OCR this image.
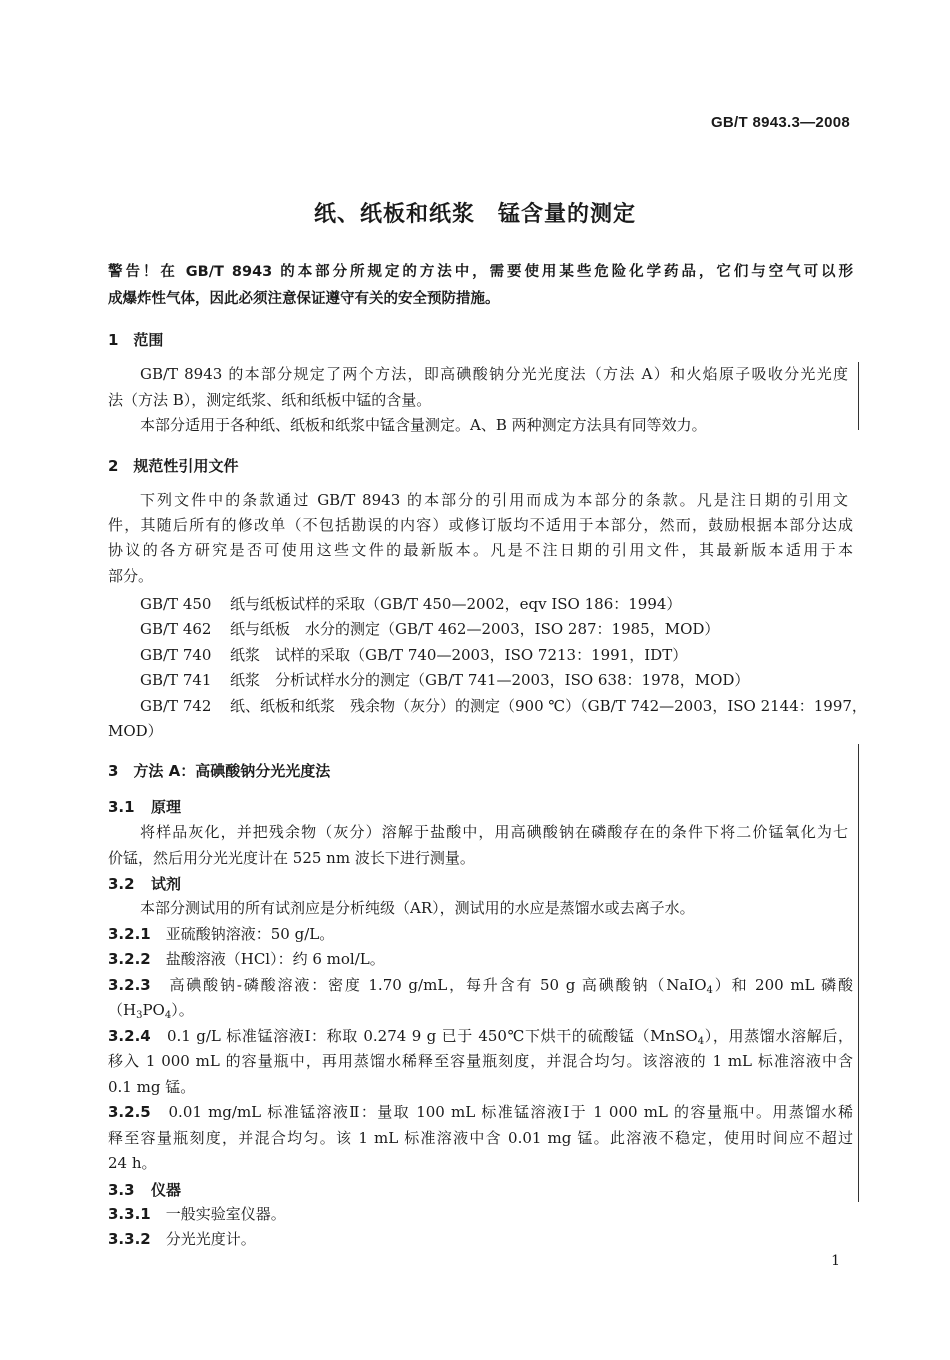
GB/T 8943.3—2008
纸、纸板和纸浆　锰含量的测定
警告！在 GB/T 8943 的本部分所规定的方法中，需要使用某些危险化学药品，它们与空气可以形
成爆炸性气体，因此必须注意保证遵守有关的安全预防措施。
1　范围
GB/T 8943 的本部分规定了两个方法，即高碘酸钠分光光度法（方法 A）和火焰原子吸收分光光度
法（方法 B），测定纸浆、纸和纸板中锰的含量。
本部分适用于各种纸、纸板和纸浆中锰含量测定。A、B 两种测定方法具有同等效力。
2　规范性引用文件
下列文件中的条款通过 GB/T 8943 的本部分的引用而成为本部分的条款。凡是注日期的引用文
件，其随后所有的修改单（不包括勘误的内容）或修订版均不适用于本部分，然而，鼓励根据本部分达成
协议的各方研究是否可使用这些文件的最新版本。凡是不注日期的引用文件，其最新版本适用于本
部分。
GB/T 450 纸与纸板试样的采取（GB/T 450—2002，eqv ISO 186：1994）
GB/T 462 纸与纸板　水分的测定（GB/T 462—2003，ISO 287：1985，MOD）
GB/T 740 纸浆　试样的采取（GB/T 740—2003，ISO 7213：1991，IDT）
GB/T 741 纸浆　分析试样水分的测定（GB/T 741—2003，ISO 638：1978，MOD）
GB/T 742 纸、纸板和纸浆　残余物（灰分）的测定（900 ℃）（GB/T 742—2003，ISO 2144：1997，
MOD）
3　方法 A：高碘酸钠分光光度法
3.1　 原理
将样品灰化，并把残余物（灰分）溶解于盐酸中，用高碘酸钠在磷酸存在的条件下将二价锰氧化为七
价锰，然后用分光光度计在 525 nm 波长下进行测量。
3.2　 试剂
本部分测试用的所有试剂应是分析纯级（AR），测试用的水应是蒸馏水或去离子水。
3.2.1　 亚硫酸钠溶液：50 g/L。
3.2.2　 盐酸溶液（HCl）：约 6 mol/L。
3.2.3　 高碘酸钠-磷酸溶液：密度 1.70 g/mL，每升含有 50 g 高碘酸钠（NaIO$_4$）和 200 mL 磷酸
$(H_3PO_4)$。
3.2.4　 0.1 g/L 标准锰溶液Ⅰ：称取 0.274 9 g 已于 450℃下烘干的硫酸锰（MnSO$_4$），用蒸馏水溶解后，
移入 1 000 mL 的容量瓶中，再用蒸馏水稀释至容量瓶刻度，并混合均匀。该溶液的 1 mL 标准溶液中含
0.1 mg 锰。
3.2.5　 0.01 mg/mL 标准锰溶液Ⅱ：量取 100 mL 标准锰溶液Ⅰ于 1 000 mL 的容量瓶中。用蒸馏水稀
释至容量瓶刻度，并混合均匀。该 1 mL 标准溶液中含 0.01 mg 锰。此溶液不稳定，使用时间应不超过
24 h。
3.3　 仪器
3.3.1　 一般实验室仪器。
3.3.2　 分光光度计。
1
